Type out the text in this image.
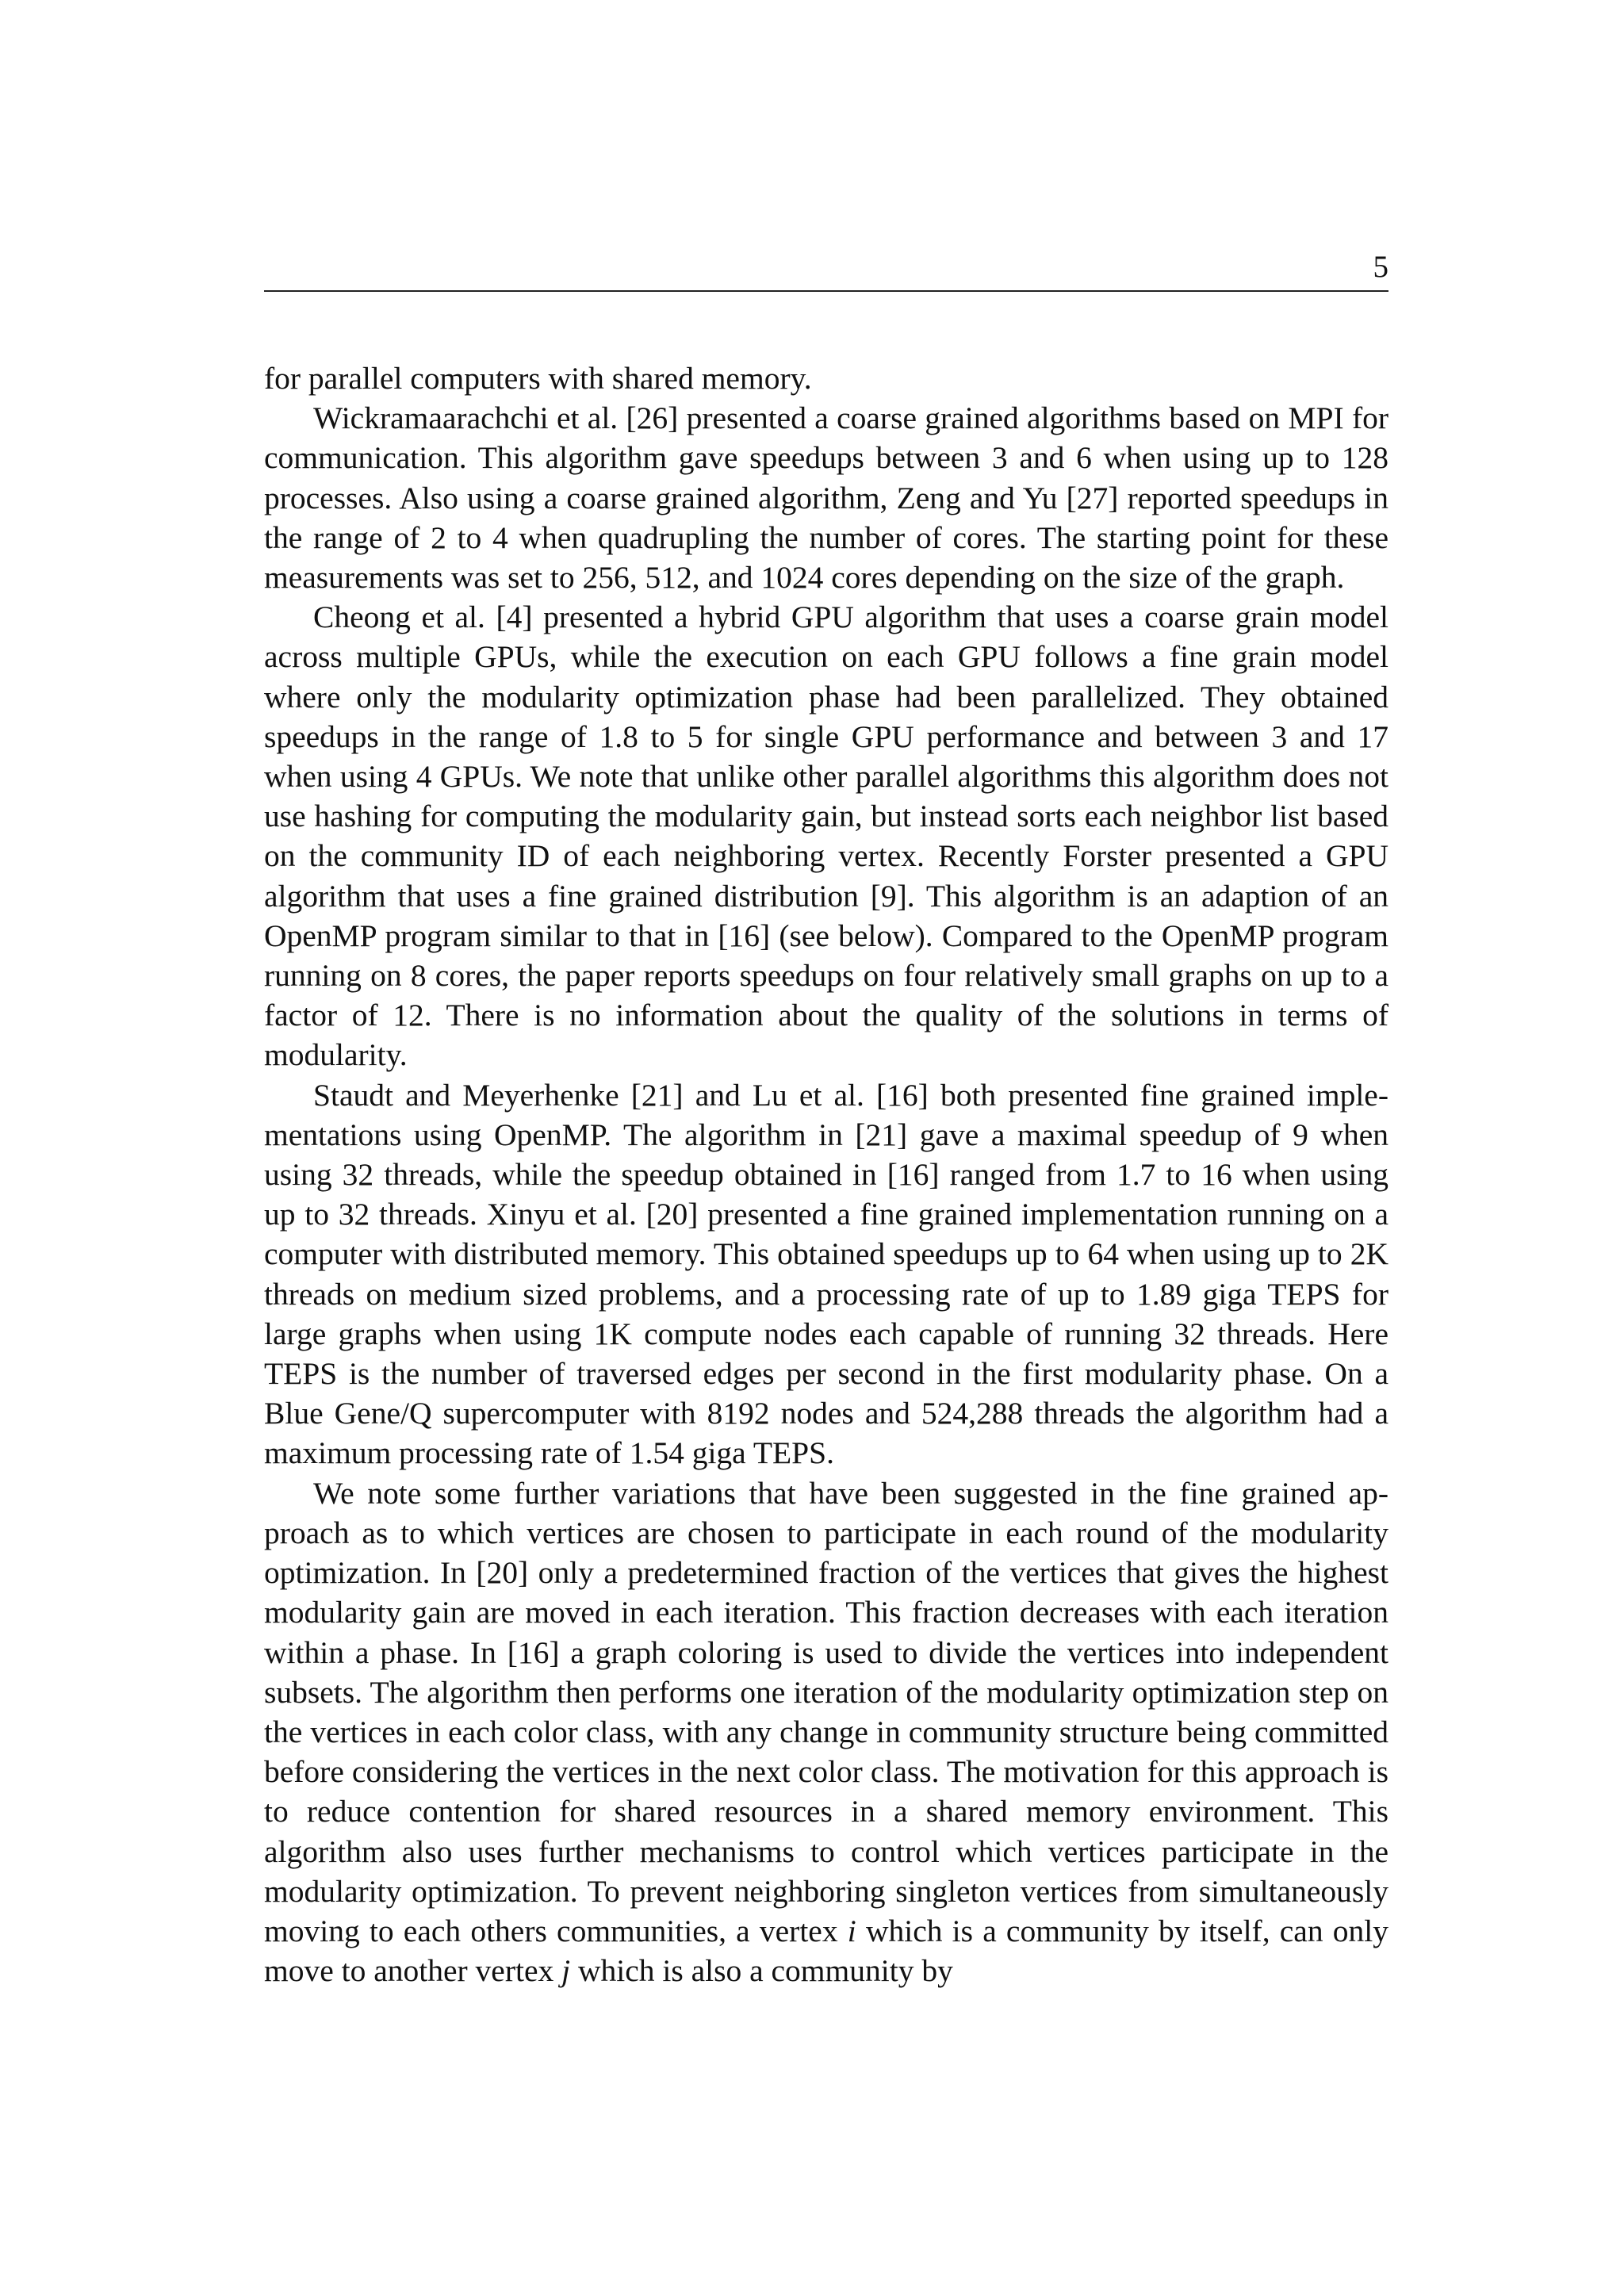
5

for parallel computers with shared memory.

Wickramaarachchi et al. [26] presented a coarse grained algorithms based on MPI for communication. This algorithm gave speedups between 3 and 6 when using up to 128 processes. Also using a coarse grained algorithm, Zeng and Yu [27] reported speedups in the range of 2 to 4 when quadrupling the number of cores. The starting point for these measurements was set to 256, 512, and 1024 cores depending on the size of the graph.

Cheong et al. [4] presented a hybrid GPU algorithm that uses a coarse grain model across multiple GPUs, while the execution on each GPU follows a fine grain model where only the modularity optimization phase had been parallelized. They obtained speedups in the range of 1.8 to 5 for single GPU performance and between 3 and 17 when using 4 GPUs. We note that unlike other parallel algorithms this algorithm does not use hashing for computing the modularity gain, but instead sorts each neighbor list based on the community ID of each neighboring vertex. Recently Forster presented a GPU algorithm that uses a fine grained distribution [9]. This algorithm is an adaption of an OpenMP program similar to that in [16] (see below). Compared to the OpenMP program running on 8 cores, the paper reports speedups on four relatively small graphs on up to a factor of 12. There is no information about the quality of the solutions in terms of modularity.

Staudt and Meyerhenke [21] and Lu et al. [16] both presented fine grained implementations using OpenMP. The algorithm in [21] gave a maximal speedup of 9 when using 32 threads, while the speedup obtained in [16] ranged from 1.7 to 16 when using up to 32 threads. Xinyu et al. [20] presented a fine grained implementation running on a computer with distributed memory. This obtained speedups up to 64 when using up to 2K threads on medium sized problems, and a processing rate of up to 1.89 giga TEPS for large graphs when using 1K compute nodes each capable of running 32 threads. Here TEPS is the number of traversed edges per second in the first modularity phase. On a Blue Gene/Q supercomputer with 8192 nodes and 524,288 threads the algorithm had a maximum processing rate of 1.54 giga TEPS.

We note some further variations that have been suggested in the fine grained approach as to which vertices are chosen to participate in each round of the modularity optimization. In [20] only a predetermined fraction of the vertices that gives the highest modularity gain are moved in each iteration. This fraction decreases with each iteration within a phase. In [16] a graph coloring is used to divide the vertices into independent subsets. The algorithm then performs one iteration of the modularity optimization step on the vertices in each color class, with any change in community structure being committed before considering the vertices in the next color class. The motivation for this approach is to reduce contention for shared resources in a shared memory environment. This algorithm also uses further mechanisms to control which vertices participate in the modularity optimization. To prevent neighboring singleton vertices from simultaneously moving to each others communities, a vertex i which is a community by itself, can only move to another vertex j which is also a community by
